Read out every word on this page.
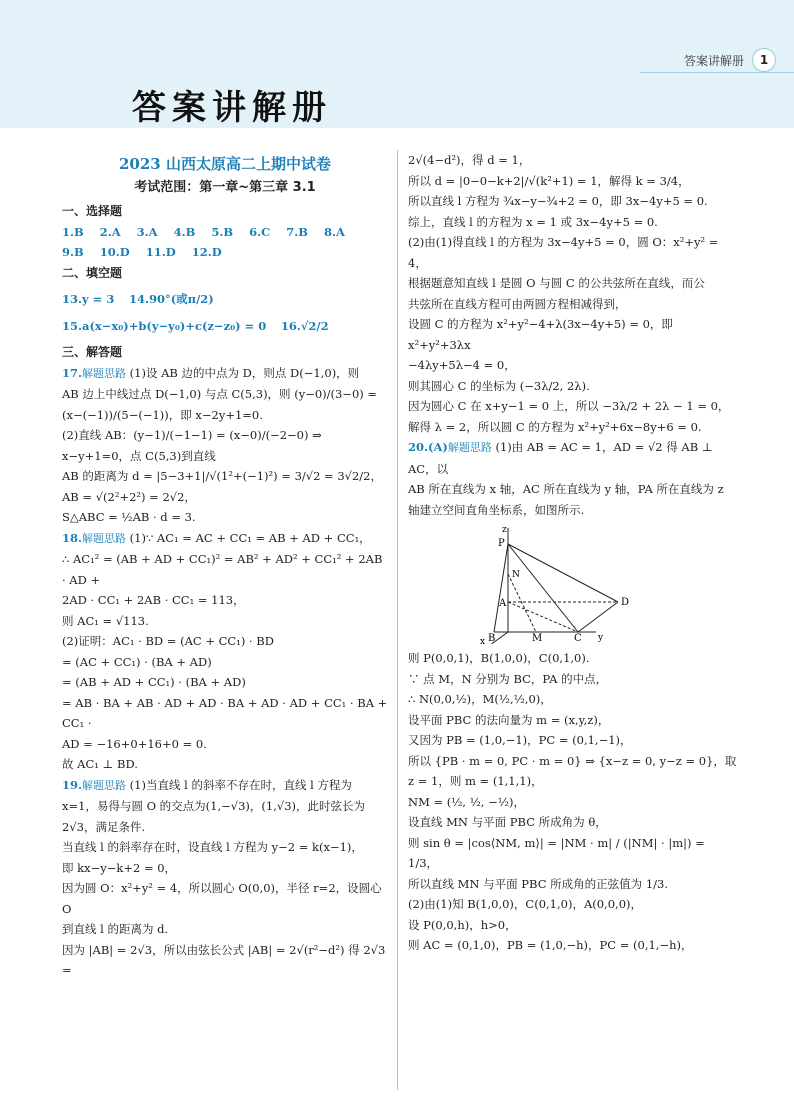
答案讲解册	1
答案讲解册

2023 山西太原高二上期中试卷

考试范围：第一章~第三章 3.1

一、选择题

1.B 2.A 3.A 4.B 5.B 6.C 7.B 8.A
9.B 10.D 11.D 12.D

二、填空题

13.y = 3 14.90°(或π/2)

15.a(x−x₀)+b(y−y₀)+c(z−z₀) = 0 16.√2/2

三、解答题

17.解题思路 (1)设 AB 边的中点为 D，则点 D(−1,0)，则

AB 边上中线过点 D(−1,0) 与点 C(5,3)，则 (y−0)/(3−0) =

(x−(−1))/(5−(−1))，即 x−2y+1=0.

(2)直线 AB：(y−1)/(−1−1) = (x−0)/(−2−0) ⇒ x−y+1=0，点 C(5,3)到直线

AB 的距离为 d = |5−3+1|/√(1²+(−1)²) = 3/√2 = 3√2/2，

AB = √(2²+2²) = 2√2，

S△ABC = ½AB · d = 3.

18.解题思路 (1)∵ AC₁ = AC + CC₁ = AB + AD + CC₁，

∴ AC₁² = (AB + AD + CC₁)² = AB² + AD² + CC₁² + 2AB · AD +

2AD · CC₁ + 2AB · CC₁ = 113，

则 AC₁ = √113.

(2)证明：AC₁ · BD = (AC + CC₁) · BD

= (AC + CC₁) · (BA + AD)

= (AB + AD + CC₁) · (BA + AD)

= AB · BA + AB · AD + AD · BA + AD · AD + CC₁ · BA + CC₁ ·

AD = −16+0+16+0 = 0.

故 AC₁ ⊥ BD.

19.解题思路 (1)当直线 l 的斜率不存在时，直线 l 方程为

x=1，易得与圆 O 的交点为(1,−√3)，(1,√3)，此时弦长为

2√3，满足条件.

当直线 l 的斜率存在时，设直线 l 方程为 y−2 = k(x−1)，

即 kx−y−k+2 = 0，

因为圆 O：x²+y² = 4，所以圆心 O(0,0)，半径 r=2，设圆心 O

到直线 l 的距离为 d.

因为 |AB| = 2√3，所以由弦长公式 |AB| = 2√(r²−d²) 得 2√3 =

2√(4−d²)，得 d = 1，

所以 d = |0−0−k+2|/√(k²+1) = 1，解得 k = 3/4，

所以直线 l 方程为 ¾x−y−¾+2 = 0，即 3x−4y+5 = 0.

综上，直线 l 的方程为 x = 1 或 3x−4y+5 = 0.

(2)由(1)得直线 l 的方程为 3x−4y+5 = 0，圆 O：x²+y² = 4，

根据题意知直线 l 是圆 O 与圆 C 的公共弦所在直线，而公

共弦所在直线方程可由两圆方程相减得到，

设圆 C 的方程为 x²+y²−4+λ(3x−4y+5) = 0，即 x²+y²+3λx

−4λy+5λ−4 = 0，

则其圆心 C 的坐标为 (−3λ/2, 2λ).

因为圆心 C 在 x+y−1 = 0 上，所以 −3λ/2 + 2λ − 1 = 0，

解得 λ = 2，所以圆 C 的方程为 x²+y²+6x−8y+6 = 0.

20.(A)解题思路 (1)由 AB = AC = 1，AD = √2 得 AB ⊥ AC，以

AB 所在直线为 x 轴，AC 所在直线为 y 轴，PA 所在直线为 z

轴建立空间直角坐标系，如图所示.

z
P
N
A	D
B	M	C
x	y

则 P(0,0,1)，B(1,0,0)，C(0,1,0).

∵ 点 M，N 分别为 BC，PA 的中点，

∴ N(0,0,½)，M(½,½,0)，

设平面 PBC 的法向量为 m = (x,y,z)，

又因为 PB = (1,0,−1)，PC = (0,1,−1)，

所以 {PB · m = 0, PC · m = 0} ⇒ {x−z = 0, y−z = 0}，取 z = 1，则 m = (1,1,1)，

NM = (½, ½, −½)，

设直线 MN 与平面 PBC 所成角为 θ，

则 sin θ = |cos⟨NM, m⟩| = |NM · m| / (|NM| · |m|) = 1/3，

所以直线 MN 与平面 PBC 所成角的正弦值为 1/3.

(2)由(1)知 B(1,0,0)，C(0,1,0)，A(0,0,0)，

设 P(0,0,h)，h>0，

则 AC = (0,1,0)，PB = (1,0,−h)，PC = (0,1,−h)，
